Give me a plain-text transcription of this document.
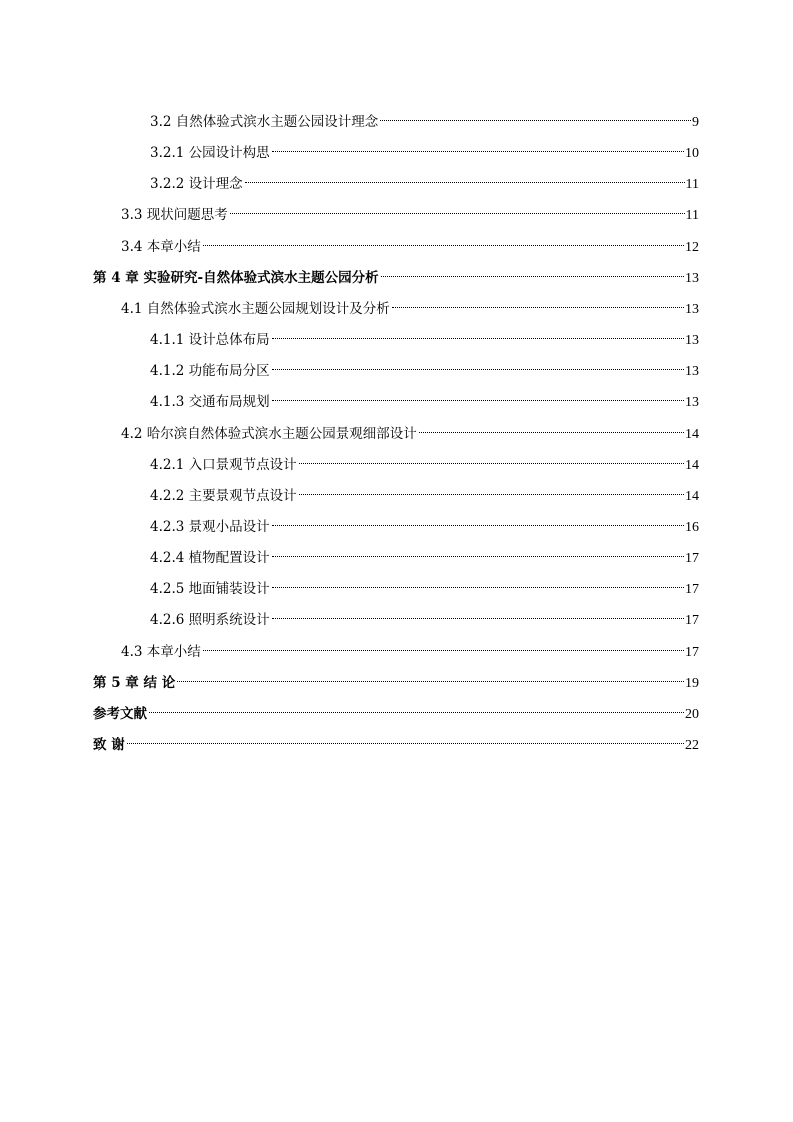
3.2 自然体验式滨水主题公园设计理念	9
3.2.1 公园设计构思	10
3.2.2 设计理念	11
3.3 现状问题思考	11
3.4 本章小结	12
第 4 章 实验研究-自然体验式滨水主题公园分析	13
4.1 自然体验式滨水主题公园规划设计及分析	13
4.1.1 设计总体布局	13
4.1.2 功能布局分区	13
4.1.3 交通布局规划	13
4.2 哈尔滨自然体验式滨水主题公园景观细部设计	14
4.2.1 入口景观节点设计	14
4.2.2 主要景观节点设计	14
4.2.3 景观小品设计	16
4.2.4 植物配置设计	17
4.2.5 地面铺装设计	17
4.2.6 照明系统设计	17
4.3 本章小结	17
第 5 章 结 论	19
参考文献	20
致 谢	22
